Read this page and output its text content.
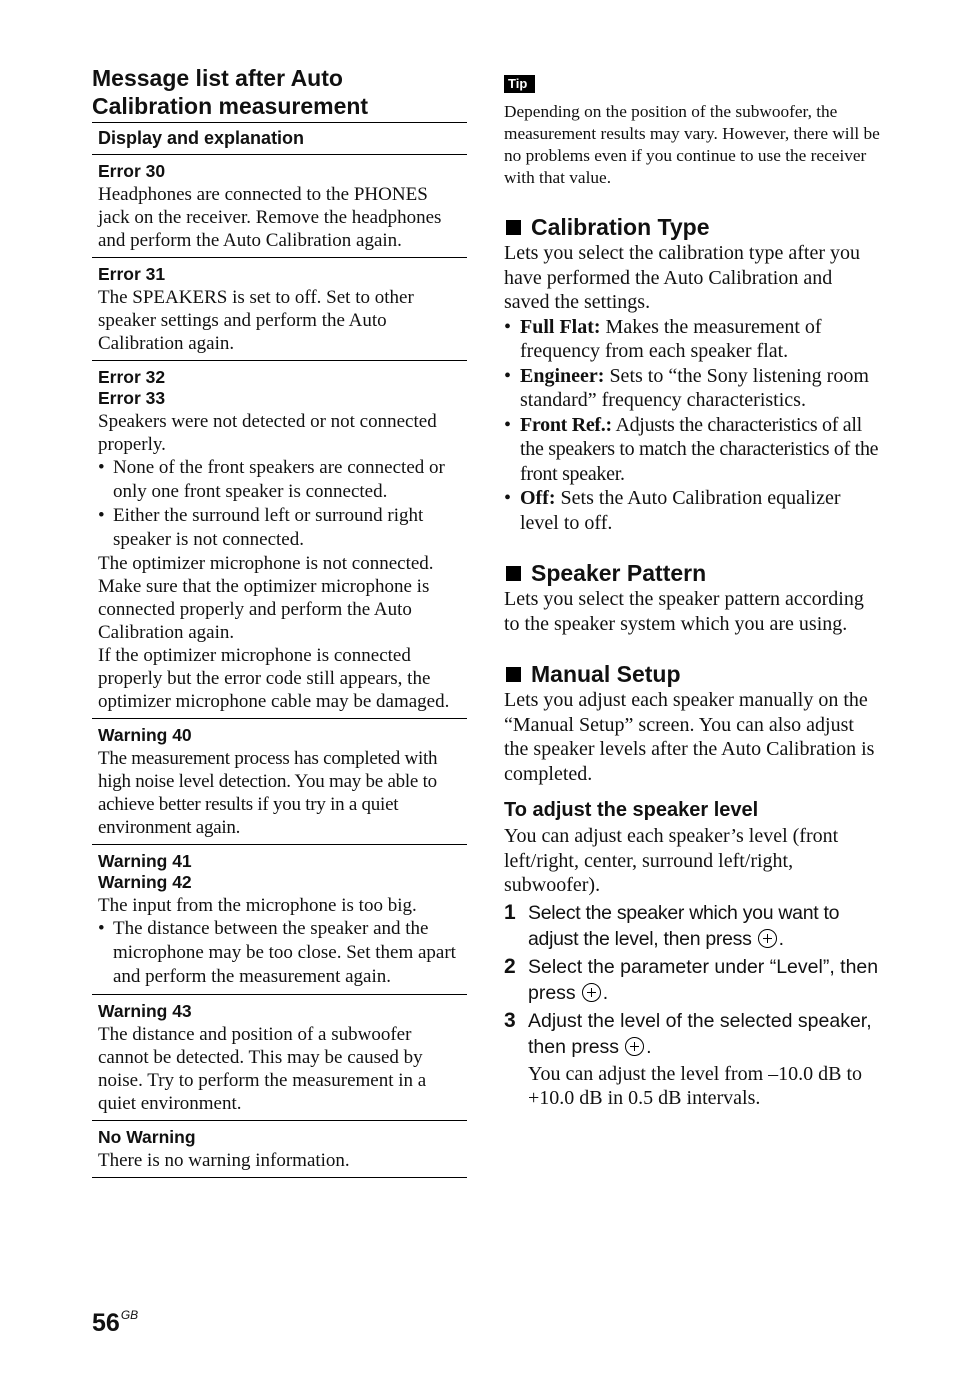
Message list after Auto
Calibration measurement
Display and explanation
Error 30

Headphones are connected to the PHONES jack on the receiver. Remove the headphones and perform the Auto Calibration again.

Error 31

The SPEAKERS is set to off. Set to other speaker settings and perform the Auto Calibration again.

Error 32
Error 33

Speakers were not detected or not connected properly.

• None of the front speakers are connected or only one front speaker is connected.
• Either the surround left or surround right speaker is not connected.

The optimizer microphone is not connected. Make sure that the optimizer microphone is connected properly and perform the Auto Calibration again.

If the optimizer microphone is connected properly but the error code still appears, the optimizer microphone cable may be damaged.

Warning 40

The measurement process has completed with high noise level detection. You may be able to achieve better results if you try in a quiet environment again.

Warning 41
Warning 42

The input from the microphone is too big.

• The distance between the speaker and the microphone may be too close. Set them apart and perform the measurement again.
Warning 43

The distance and position of a subwoofer cannot be detected. This may be caused by noise. Try to perform the measurement in a quiet environment.

No Warning

There is no warning information.

Tip

Depending on the position of the subwoofer, the measurement results may vary. However, there will be no problems even if you continue to use the receiver with that value.

Calibration Type

Lets you select the calibration type after you have performed the Auto Calibration and saved the settings.

• Full Flat: Makes the measurement of frequency from each speaker flat.
• Engineer: Sets to “the Sony listening room standard” frequency characteristics.
• Front Ref.: Adjusts the characteristics of all the speakers to match the characteristics of the front speaker.
• Off: Sets the Auto Calibration equalizer level to off.
Speaker Pattern

Lets you select the speaker pattern according to the speaker system which you are using.

Manual Setup

Lets you adjust each speaker manually on the “Manual Setup” screen. You can also adjust the speaker levels after the Auto Calibration is completed.

To adjust the speaker level

You can adjust each speaker’s level (front left/right, center, surround left/right, subwoofer).

1 Select the speaker which you want to adjust the level, then press .
2 Select the parameter under “Level”, then press .
3 Adjust the level of the selected speaker, then press .

You can adjust the level from –10.0 dB to +10.0 dB in 0.5 dB intervals.

$56^{GB}$
